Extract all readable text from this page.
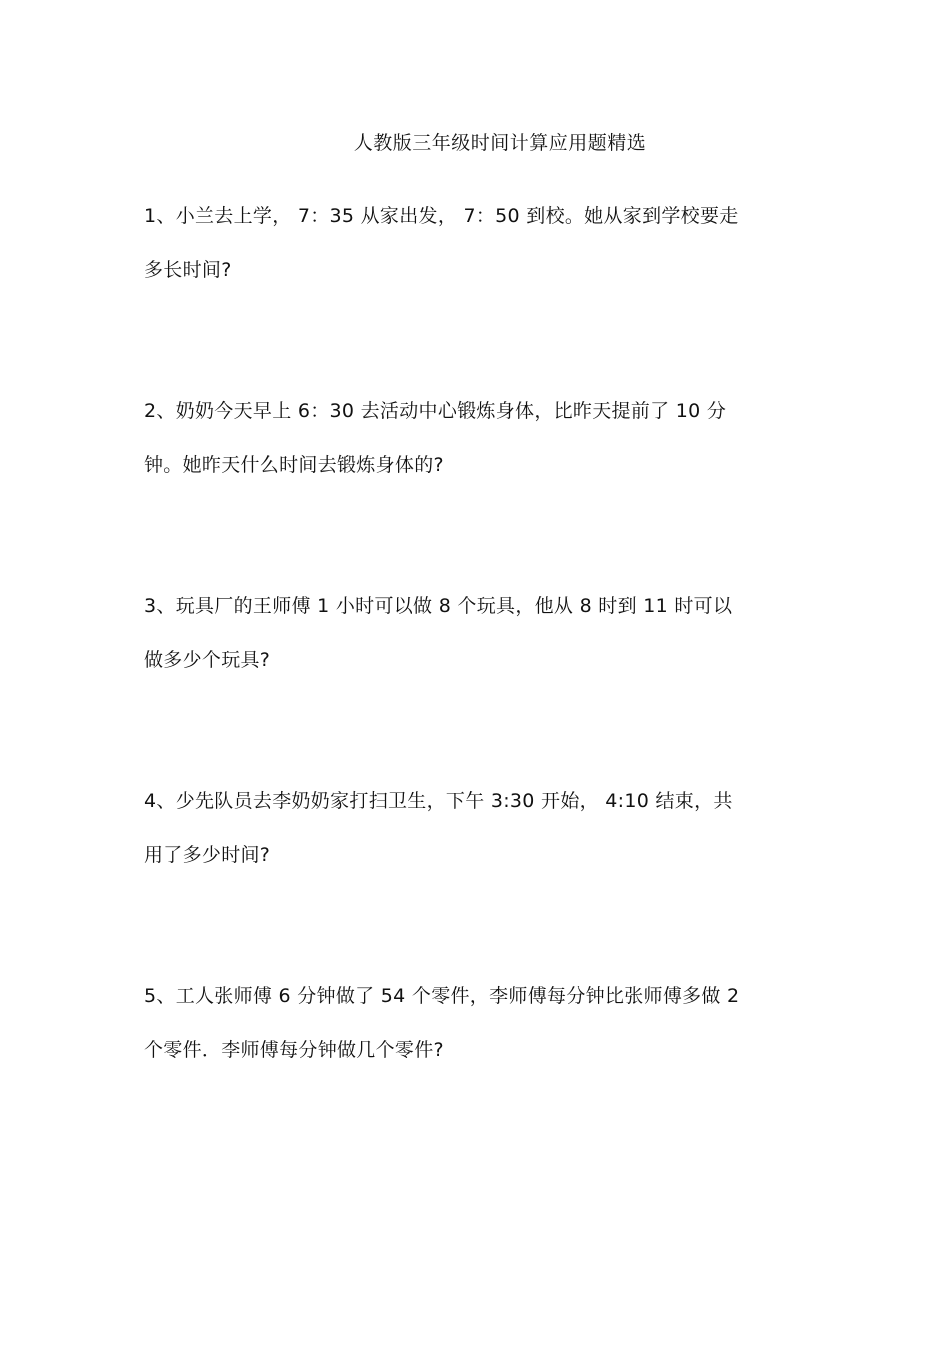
人教版三年级时间计算应用题精选
1、小兰去上学， 7：35 从家出发， 7：50 到校。她从家到学校要走
多长时间?
2、奶奶今天早上 6：30 去活动中心锻炼身体，比昨天提前了 10 分
钟。她昨天什么时间去锻炼身体的?
3、玩具厂的王师傅 1 小时可以做 8 个玩具，他从 8 时到 11 时可以
做多少个玩具?
4、少先队员去李奶奶家打扫卫生，下午 3:30 开始， 4:10 结束，共
用了多少时间?
5、工人张师傅 6 分钟做了 54 个零件，李师傅每分钟比张师傅多做 2
个零件．李师傅每分钟做几个零件?
